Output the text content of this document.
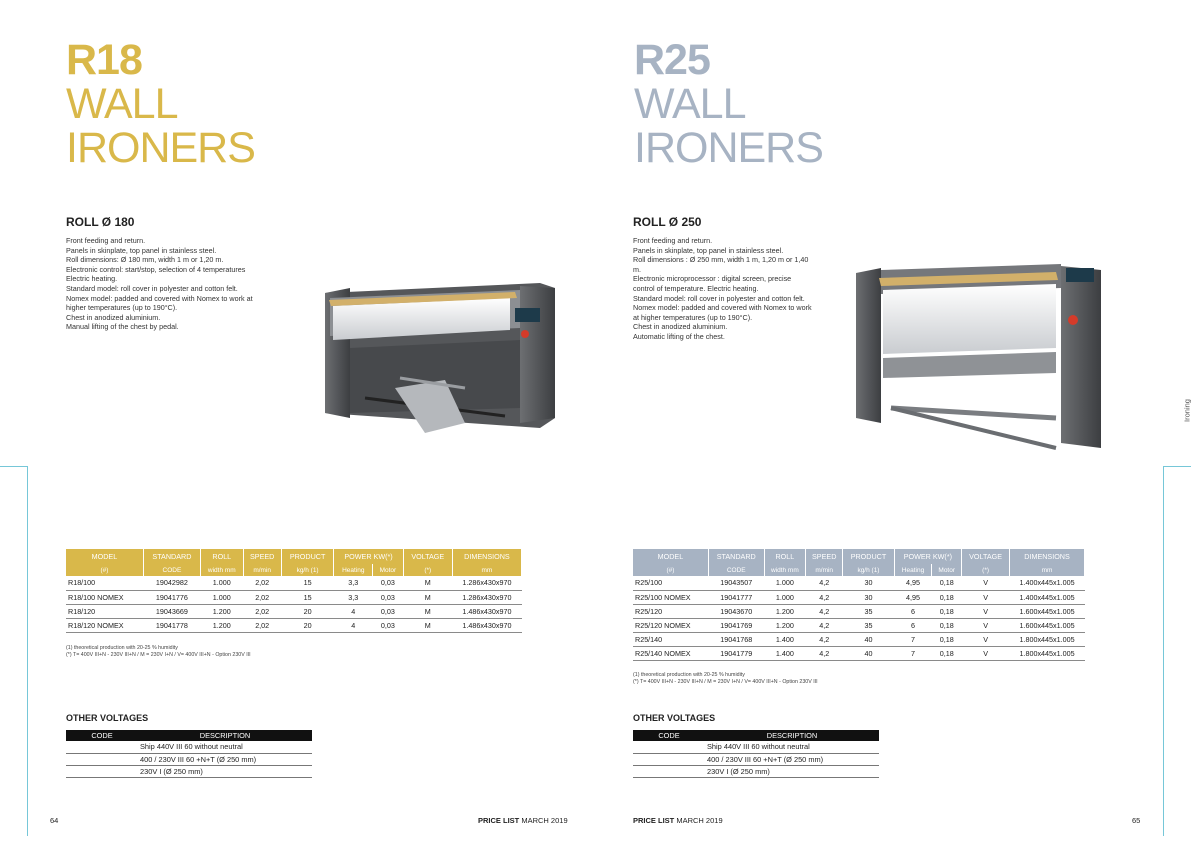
R18
WALL
IRONERS
ROLL Ø 180
Front feeding and return.
Panels in skinplate, top panel in stainless steel.
Roll dimensions: Ø 180 mm, width 1 m or 1,20 m.
Electronic control: start/stop, selection of 4 temperatures
Electric heating.
Standard model: roll cover in polyester and cotton felt.
Nomex model: padded and covered with Nomex to work at higher temperatures (up to 190°C).
Chest in anodized aluminium.
Manual lifting of the chest by pedal.
MODEL	STANDARD	ROLL	SPEED	PRODUCT	POWER KW(*)		VOLTAGE	DIMENSIONS
(#)	CODE	width mm	m/min	kg/h (1)	Heating	Motor	(*)	mm
R18/100	19042982	1.000	2,02	15	3,3	0,03	M	1.286x430x970
R18/100 NOMEX	19041776	1.000	2,02	15	3,3	0,03	M	1.286x430x970
R18/120	19043669	1.200	2,02	20	4	0,03	M	1.486x430x970
R18/120 NOMEX	19041778	1.200	2,02	20	4	0,03	M	1.486x430x970
(1) theoretical production with 20-25 % humidity
(*) T= 400V III+N - 230V III+N / M = 230V I+N / V= 400V III+N - Option 230V III
OTHER VOLTAGES
CODE	DESCRIPTION
	Ship 440V III 60 without neutral
	400 / 230V III 60 +N+T (Ø 250 mm)
	230V I (Ø 250 mm)
64	PRICE LIST MARCH 2019
R25
WALL
IRONERS
ROLL Ø 250
Front feeding and return.
Panels in skinplate, top panel in stainless steel.
Roll dimensions : Ø 250 mm, width 1 m, 1,20 m or 1,40 m.
Electronic microprocessor : digital screen, precise control of temperature. Electric heating.
Standard model: roll cover in polyester and cotton felt.
Nomex model: padded and covered with Nomex to work at higher temperatures (up to 190°C).
Chest in anodized aluminium.
Automatic lifting of the chest.
MODEL	STANDARD	ROLL	SPEED	PRODUCT	POWER KW(*)		VOLTAGE	DIMENSIONS
(#)	CODE	width mm	m/min	kg/h (1)	Heating	Motor	(*)	mm
R25/100	19043507	1.000	4,2	30	4,95	0,18	V	1.400x445x1.005
R25/100 NOMEX	19041777	1.000	4,2	30	4,95	0,18	V	1.400x445x1.005
R25/120	19043670	1.200	4,2	35	6	0,18	V	1.600x445x1.005
R25/120 NOMEX	19041769	1.200	4,2	35	6	0,18	V	1.600x445x1.005
R25/140	19041768	1.400	4,2	40	7	0,18	V	1.800x445x1.005
R25/140 NOMEX	19041779	1.400	4,2	40	7	0,18	V	1.800x445x1.005
(1) theoretical production with 20-25 % humidity
(*) T= 400V III+N - 230V III+N / M = 230V I+N / V= 400V III+N - Option 230V III
OTHER VOLTAGES
CODE	DESCRIPTION
	Ship 440V III 60 without neutral
	400 / 230V III 60 +N+T (Ø 250 mm)
	230V I (Ø 250 mm)
65
PRICE LIST MARCH 2019
Ironing
